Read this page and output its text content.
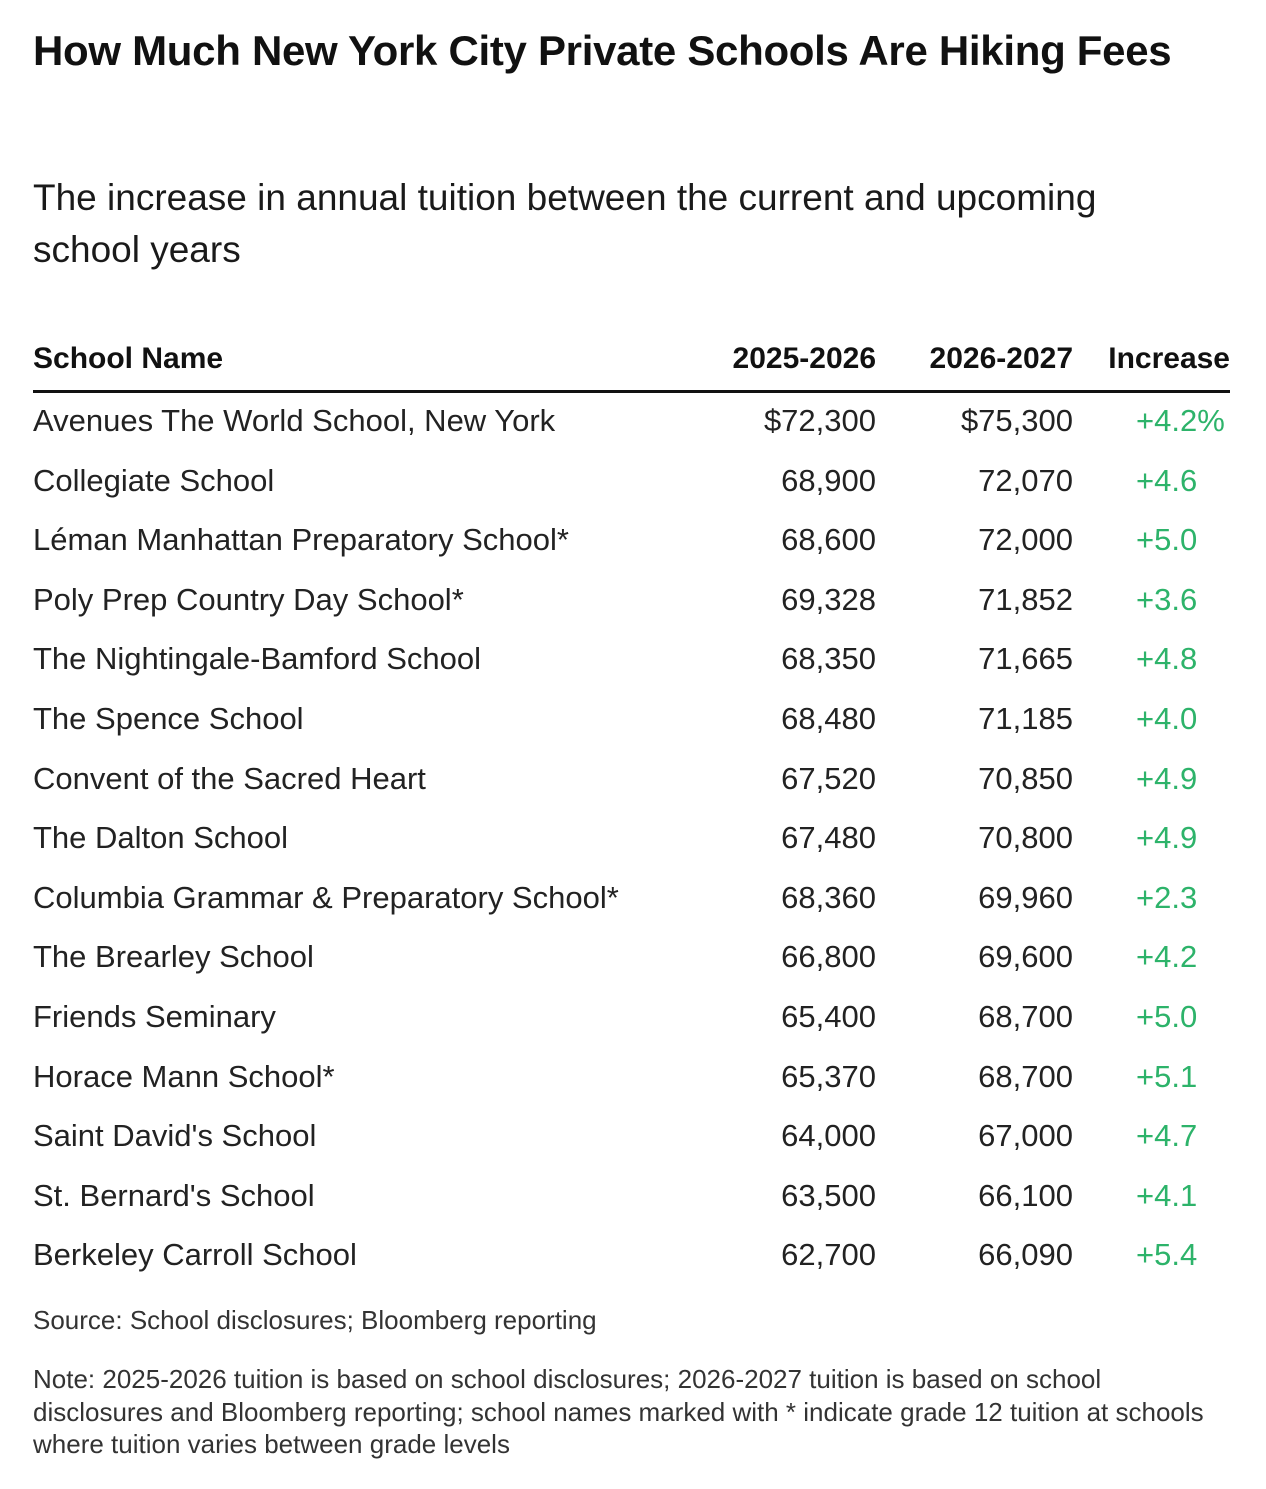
How Much New York City Private Schools Are Hiking Fees
The increase in annual tuition between the current and upcoming school years
School Name	2025-2026 2026-2027 Increase
Avenues The World School, New York	$72,300	$75,300 +4.2%
Collegiate School	68,900	72,070 +4.6
Léman Manhattan Preparatory School*	68,600	72,000 +5.0
Poly Prep Country Day School*	69,328	71,852 +3.6
The Nightingale-Bamford School	68,350	71,665 +4.8
The Spence School	68,480	71,185 +4.0
Convent of the Sacred Heart	67,520	70,850 +4.9
The Dalton School	67,480	70,800 +4.9
Columbia Grammar & Preparatory School*	68,360	69,960 +2.3
The Brearley School	66,800	69,600 +4.2
Friends Seminary	65,400	68,700 +5.0
Horace Mann School*	65,370	68,700 +5.1
Saint David's School	64,000	67,000 +4.7
St. Bernard's School	63,500	66,100 +4.1
Berkeley Carroll School	62,700	66,090 +5.4
Source: School disclosures; Bloomberg reporting
Note: 2025-2026 tuition is based on school disclosures; 2026-2027 tuition is based on school disclosures and Bloomberg reporting; school names marked with * indicate grade 12 tuition at schools where tuition varies between grade levels
